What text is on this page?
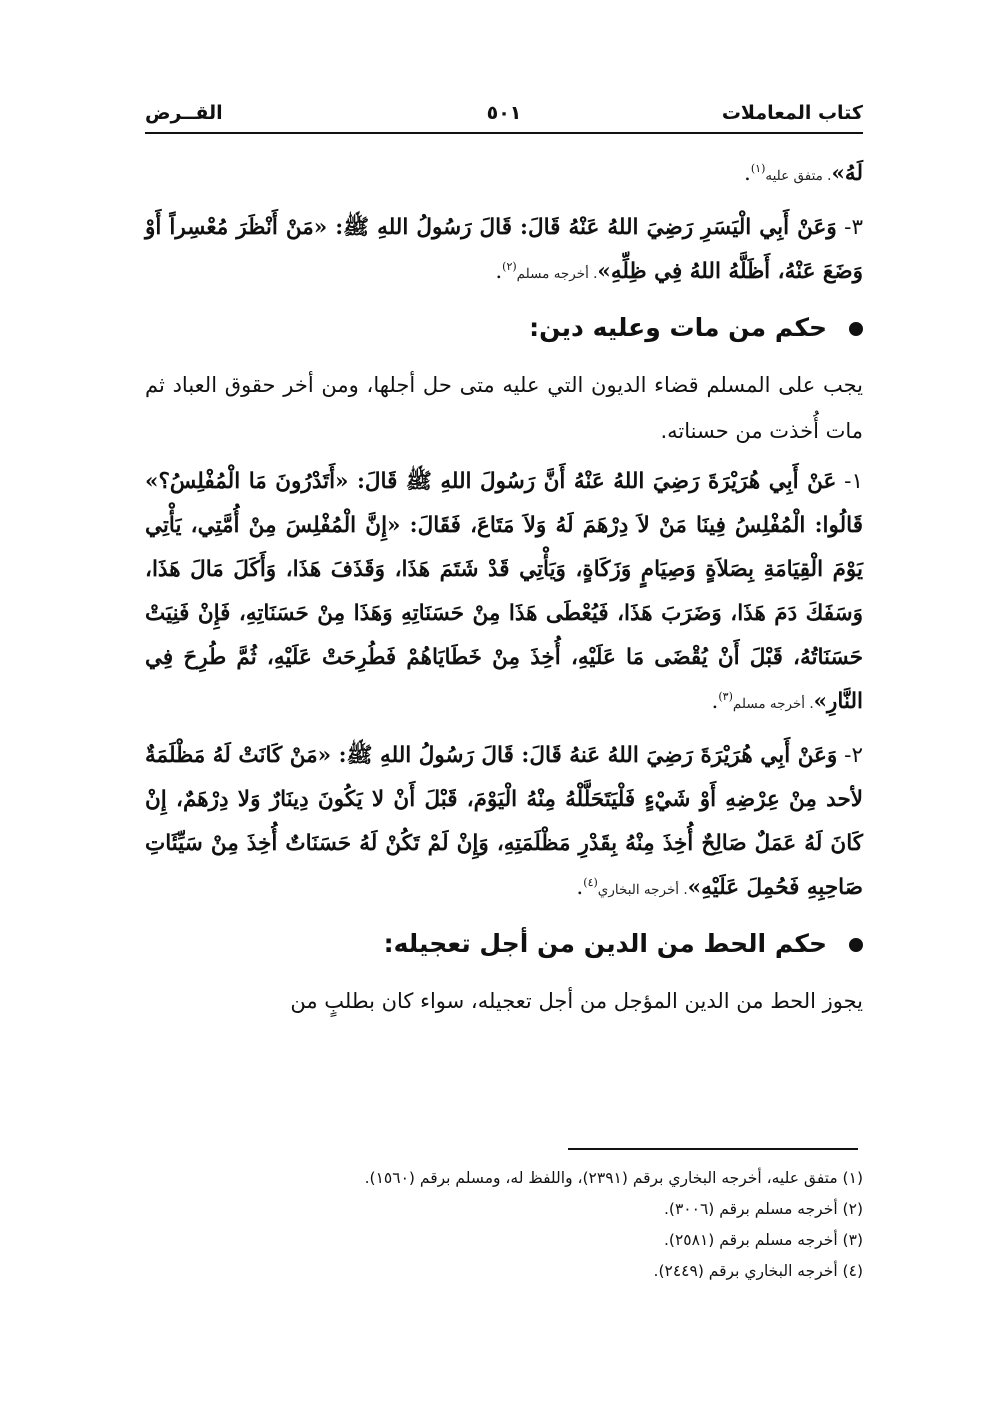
كتاب المعاملات
٥٠١
القــرض

لَهُ». متفق عليه$^{(١)}$.

٣- وَعَنْ أَبِي الْيَسَرِ رَضِيَ اللهُ عَنْهُ قَالَ: قَالَ رَسُولُ اللهِ ﷺ: «مَنْ أَنْظَرَ مُعْسِراً أَوْ وَضَعَ عَنْهُ، أَظَلَّهُ اللهُ فِي ظِلِّهِ». أخرجه مسلم$^{(٢)}$.

حكم من مات وعليه دين:

يجب على المسلم قضاء الديون التي عليه متى حل أجلها، ومن أخر حقوق العباد ثم مات أُخذت من حسناته.

١- عَنْ أَبِي هُرَيْرَةَ رَضِيَ اللهُ عَنْهُ أَنَّ رَسُولَ اللهِ ﷺ قَالَ: «أَتَدْرُونَ مَا الْمُفْلِسُ؟» قَالُوا: الْمُفْلِسُ فِينَا مَنْ لاَ دِرْهَمَ لَهُ وَلاَ مَتَاعَ، فَقَالَ: «إِنَّ الْمُفْلِسَ مِنْ أُمَّتِي، يَأْتِي يَوْمَ الْقِيَامَةِ بِصَلاَةٍ وَصِيَامٍ وَزَكَاةٍ، وَيَأْتِي قَدْ شَتَمَ هَذَا، وَقَذَفَ هَذَا، وَأَكَلَ مَالَ هَذَا، وَسَفَكَ دَمَ هَذَا، وَضَرَبَ هَذَا، فَيُعْطَى هَذَا مِنْ حَسَنَاتِهِ وَهَذَا مِنْ حَسَنَاتِهِ، فَإِنْ فَنِيَتْ حَسَنَاتُهُ، قَبْلَ أَنْ يُقْضَى مَا عَلَيْهِ، أُخِذَ مِنْ خَطَايَاهُمْ فَطُرِحَتْ عَلَيْهِ، ثُمَّ طُرِحَ فِي النَّارِ». أخرجه مسلم$^{(٣)}$.

٢- وَعَنْ أَبِي هُرَيْرَةَ رَضِيَ اللهُ عَنهُ قَالَ: قَالَ رَسُولُ اللهِ ﷺ: «مَنْ كَانَتْ لَهُ مَظْلَمَةٌ لأحد مِنْ عِرْضِهِ أَوْ شَيْءٍ فَلْيَتَحَلَّلْهُ مِنْهُ الْيَوْمَ، قَبْلَ أَنْ لا يَكُونَ دِينَارٌ وَلا دِرْهَمٌ، إِنْ كَانَ لَهُ عَمَلٌ صَالِحٌ أُخِذَ مِنْهُ بِقَدْرِ مَظْلَمَتِهِ، وَإِنْ لَمْ تَكُنْ لَهُ حَسَنَاتٌ أُخِذَ مِنْ سَيِّئَاتِ صَاحِبِهِ فَحُمِلَ عَلَيْهِ». أخرجه البخاري$^{(٤)}$.

حكم الحط من الدين من أجل تعجيله:

يجوز الحط من الدين المؤجل من أجل تعجيله، سواء كان بطلبٍ من

(١) متفق عليه، أخرجه البخاري برقم (٢٣٩١)، واللفظ له، ومسلم برقم (١٥٦٠).
(٢) أخرجه مسلم برقم (٣٠٠٦).
(٣) أخرجه مسلم برقم (٢٥٨١).
(٤) أخرجه البخاري برقم (٢٤٤٩).
